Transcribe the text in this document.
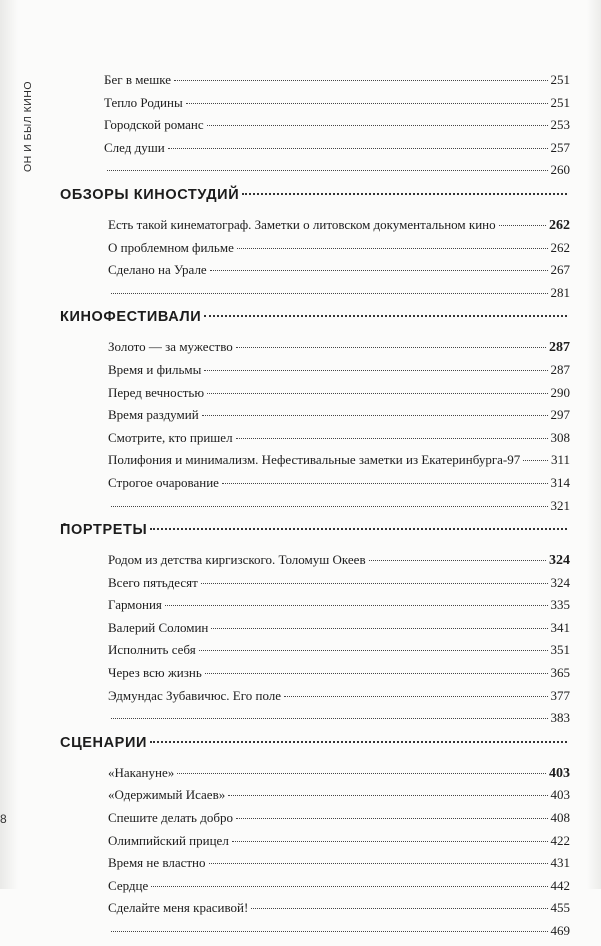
ОН И БЫЛ КИНО
Бег в мешке	251
Тепло Родины	251
Городской романс	253
След души	257
260
ОБЗОРЫ КИНОСТУДИЙ
Есть такой кинематограф. Заметки о литовском документальном кино	262
О проблемном фильме	262
Сделано на Урале	267
281
КИНОФЕСТИВАЛИ
Золото — за мужество	287
Время и фильмы	287
Перед вечностью	290
Время раздумий	297
Смотрите, кто пришел	308
Полифония и минимализм. Нефестивальные заметки из Екатеринбурга-97 311
Строгое очарование	314
321
ПОРТРЕТЫ
Родом из детства киргизского. Толомуш Океев	324
Всего пятьдесят	324
Гармония	335
Валерий Соломин	341
Исполнить себя	351
Через всю жизнь	365
Эдмундас Зубавичюс. Его поле	377
383
СЦЕНАРИИ
«Накануне»	403
«Одержимый Исаев»	403
Спешите делать добро	408
Олимпийский прицел	422
Время не властно	431
Сердце	442
Сделайте меня красивой!	455
469
8
